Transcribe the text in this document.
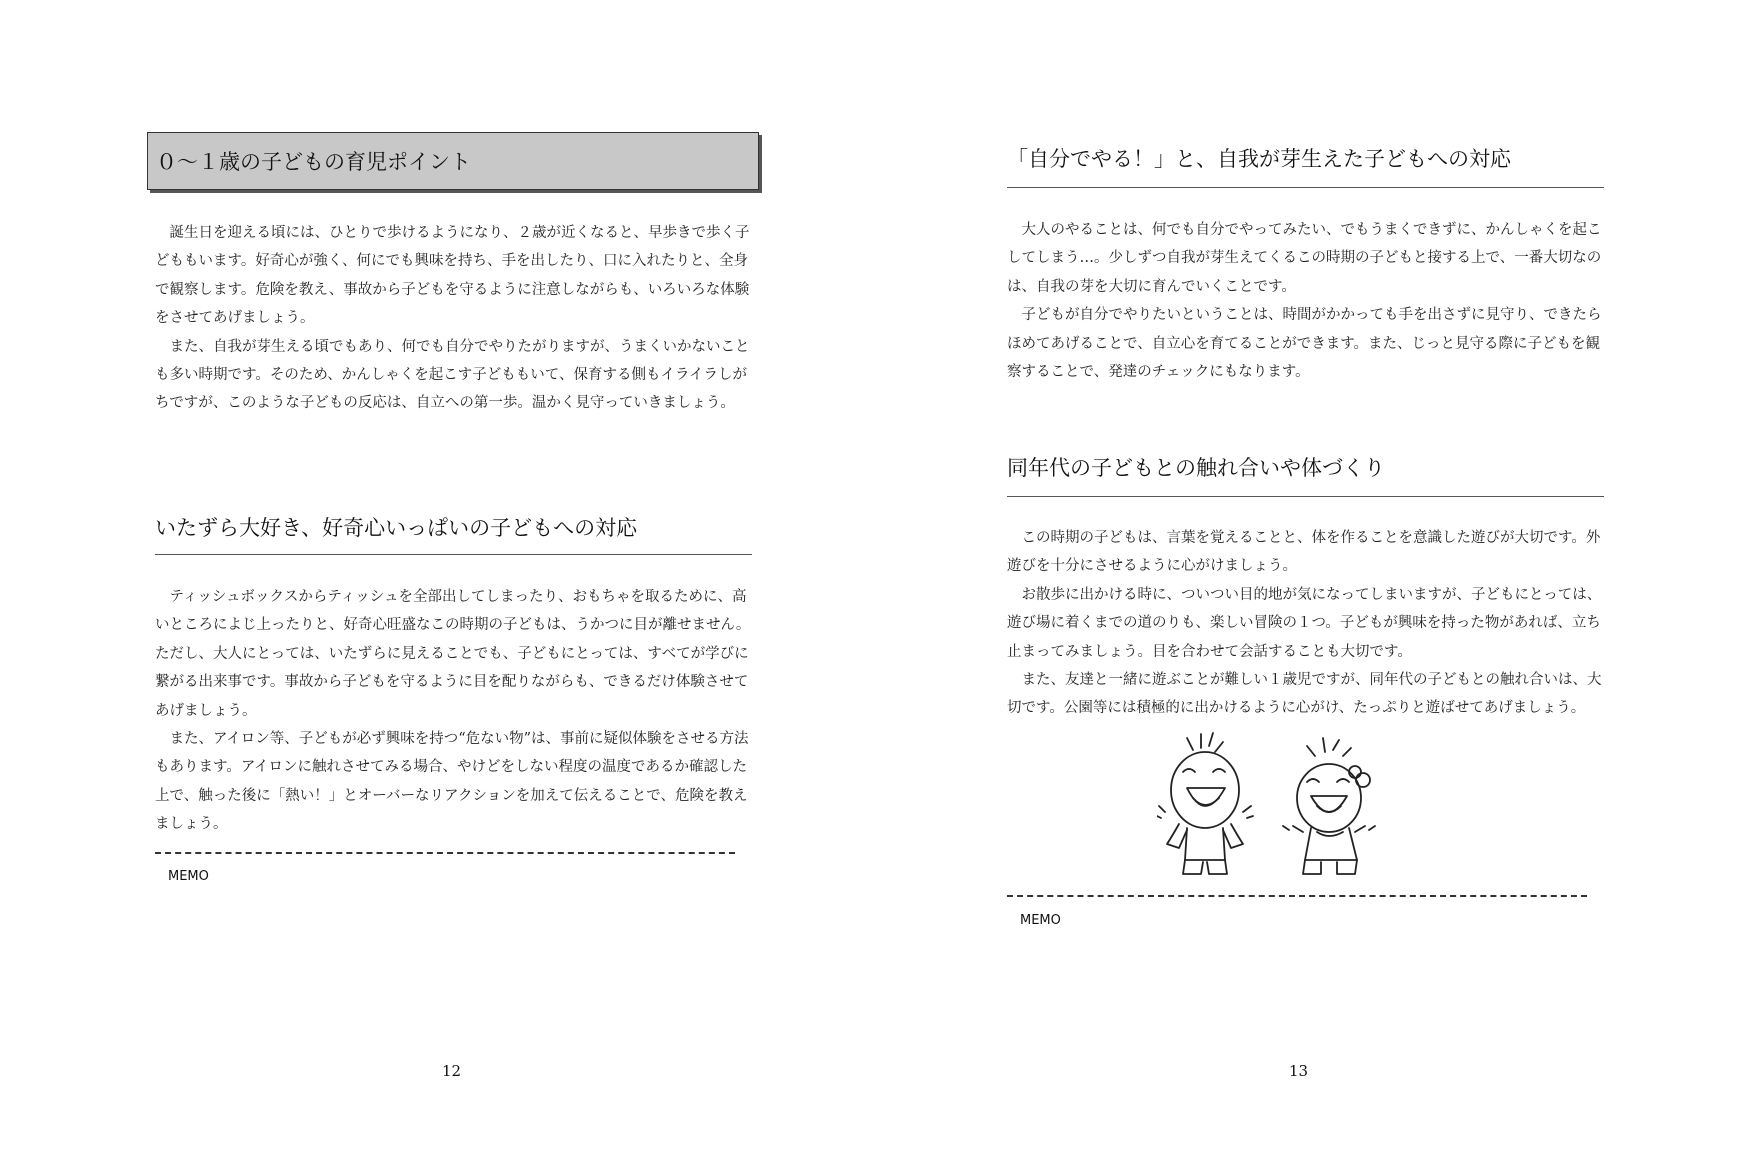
０〜１歳の子どもの育児ポイント

誕生日を迎える頃には、ひとりで歩けるようになり、２歳が近くなると、早歩きで歩く子どももいます。好奇心が強く、何にでも興味を持ち、手を出したり、口に入れたりと、全身で観察します。危険を教え、事故から子どもを守るように注意しながらも、いろいろな体験をさせてあげましょう。

また、自我が芽生える頃でもあり、何でも自分でやりたがりますが、うまくいかないことも多い時期です。そのため、かんしゃくを起こす子どももいて、保育する側もイライラしがちですが、このような子どもの反応は、自立への第一歩。温かく見守っていきましょう。

いたずら大好き、好奇心いっぱいの子どもへの対応

ティッシュボックスからティッシュを全部出してしまったり、おもちゃを取るために、高いところによじ上ったりと、好奇心旺盛なこの時期の子どもは、うかつに目が離せません。ただし、大人にとっては、いたずらに見えることでも、子どもにとっては、すべてが学びに繋がる出来事です。事故から子どもを守るように目を配りながらも、できるだけ体験させてあげましょう。

また、アイロン等、子どもが必ず興味を持つ“危ない物”は、事前に疑似体験をさせる方法もあります。アイロンに触れさせてみる場合、やけどをしない程度の温度であるか確認した上で、触った後に「熱い！」とオーバーなリアクションを加えて伝えることで、危険を教えましょう。

MEMO
12
「自分でやる！」と、自我が芽生えた子どもへの対応

大人のやることは、何でも自分でやってみたい、でもうまくできずに、かんしゃくを起こしてしまう…。少しずつ自我が芽生えてくるこの時期の子どもと接する上で、一番大切なのは、自我の芽を大切に育んでいくことです。

子どもが自分でやりたいということは、時間がかかっても手を出さずに見守り、できたらほめてあげることで、自立心を育てることができます。また、じっと見守る際に子どもを観察することで、発達のチェックにもなります。

同年代の子どもとの触れ合いや体づくり

この時期の子どもは、言葉を覚えることと、体を作ることを意識した遊びが大切です。外遊びを十分にさせるように心がけましょう。

お散歩に出かける時に、ついつい目的地が気になってしまいますが、子どもにとっては、遊び場に着くまでの道のりも、楽しい冒険の１つ。子どもが興味を持った物があれば、立ち止まってみましょう。目を合わせて会話することも大切です。

また、友達と一緒に遊ぶことが難しい１歳児ですが、同年代の子どもとの触れ合いは、大切です。公園等には積極的に出かけるように心がけ、たっぷりと遊ばせてあげましょう。

MEMO
13
